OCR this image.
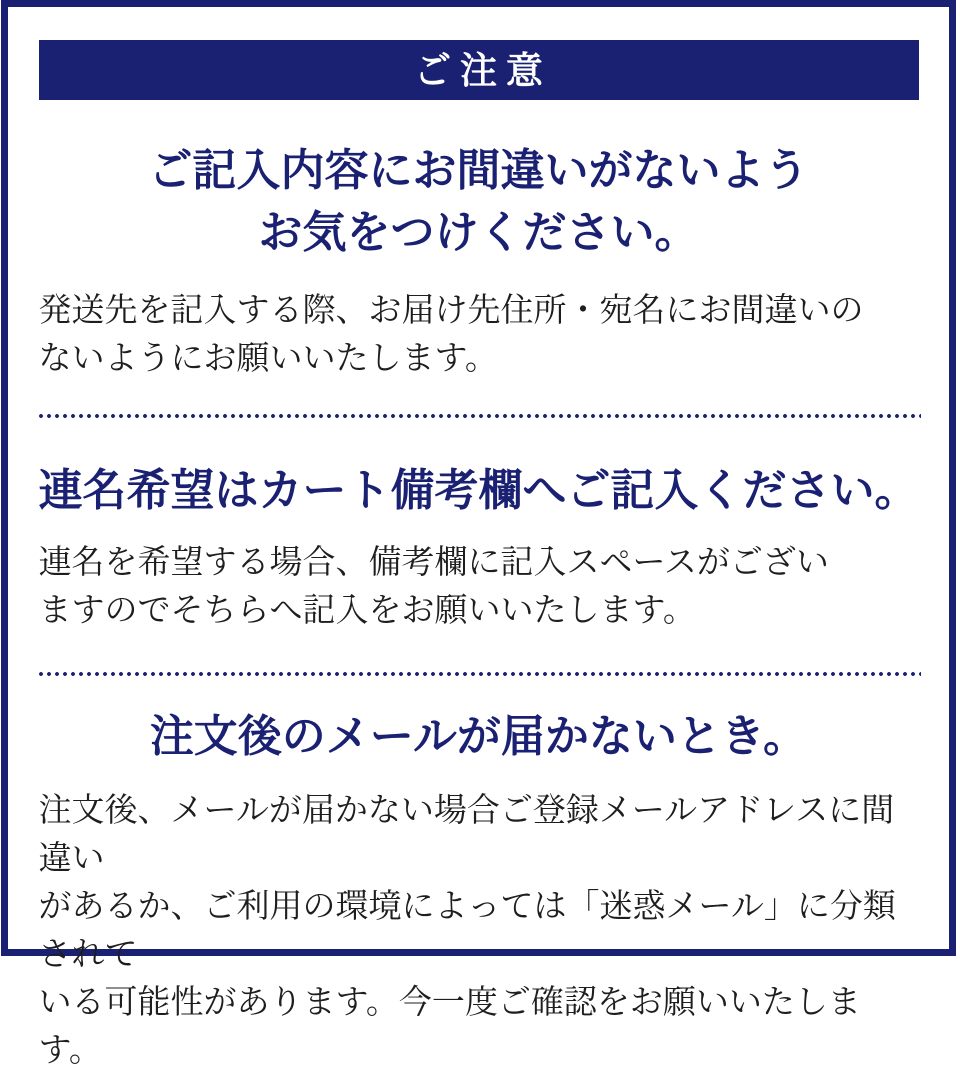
ご注意
ご記入内容にお間違いがないよう
お気をつけください。

発送先を記入する際、お届け先住所・宛名にお間違いの
ないようにお願いいたします。

連名希望はカート備考欄へご記入ください。

連名を希望する場合、備考欄に記入スペースがござい
ますのでそちらへ記入をお願いいたします。

注文後のメールが届かないとき。

注文後、メールが届かない場合ご登録メールアドレスに間違い
があるか、ご利用の環境によっては「迷惑メール」に分類されて
いる可能性があります。今一度ご確認をお願いいたします。
